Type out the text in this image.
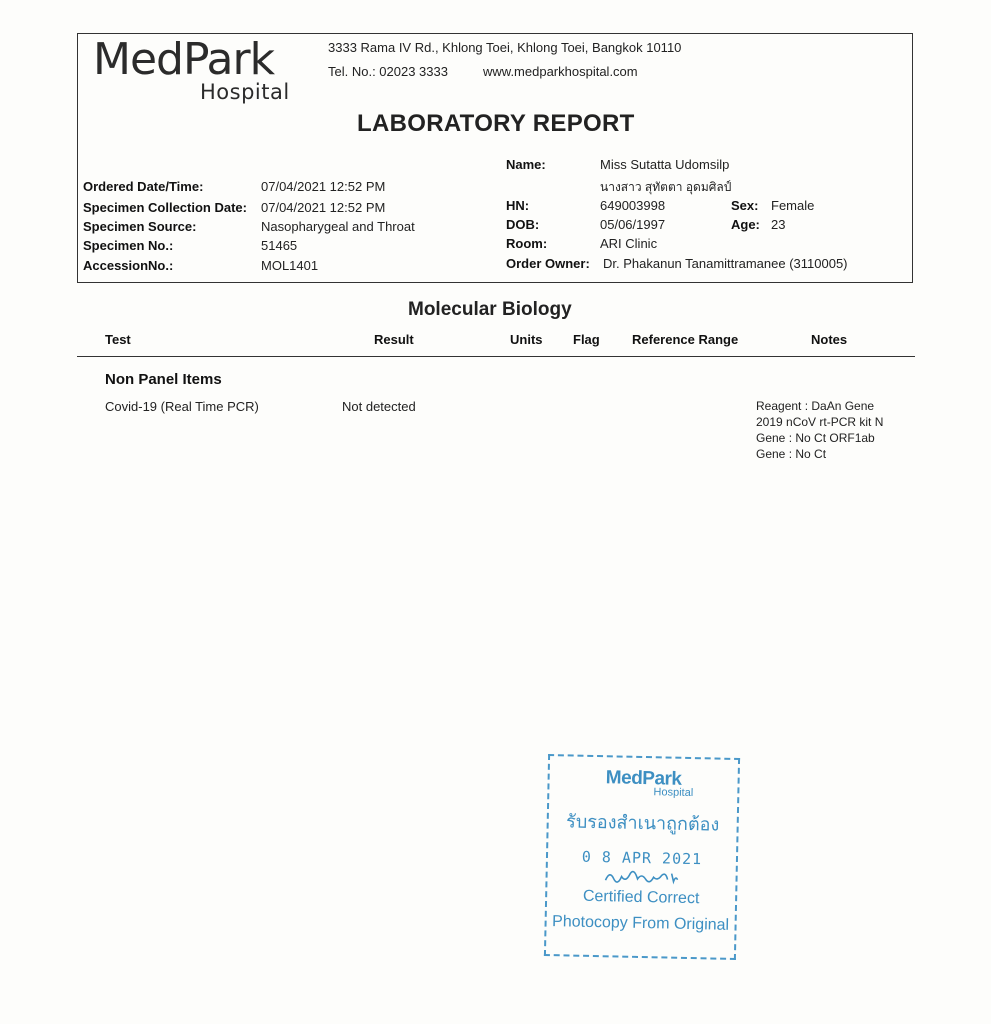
MedPark
Hospital
3333 Rama IV Rd., Khlong Toei, Khlong Toei, Bangkok 10110
Tel. No.: 02023 3333	www.medparkhospital.com
LABORATORY REPORT
Ordered Date/Time:	07/04/2021 12:52 PM
Specimen Collection Date: 07/04/2021 12:52 PM
Specimen Source:	Nasopharygeal and Throat
Specimen No.:	51465
AccessionNo.:	MOL1401
Name:	Miss Sutatta Udomsilp
นางสาว สุทัตตา อุดมศิลป์
HN:	649003998	Sex: Female
DOB:	05/06/1997	Age: 23
Room:	ARI Clinic
Order Owner: Dr. Phakanun Tanamittramanee (3110005)
Molecular Biology
Test	Result	Units Flag Reference Range	Notes
Non Panel Items
Covid-19 (Real Time PCR)	Not detected	Reagent : DaAn Gene
2019 nCoV rt-PCR kit N
Gene : No Ct ORF1ab
Gene : No Ct
MedPark
Hospital
รับรองสำเนาถูกต้อง
0 8 APR 2021
Certified Correct
Photocopy From Original
